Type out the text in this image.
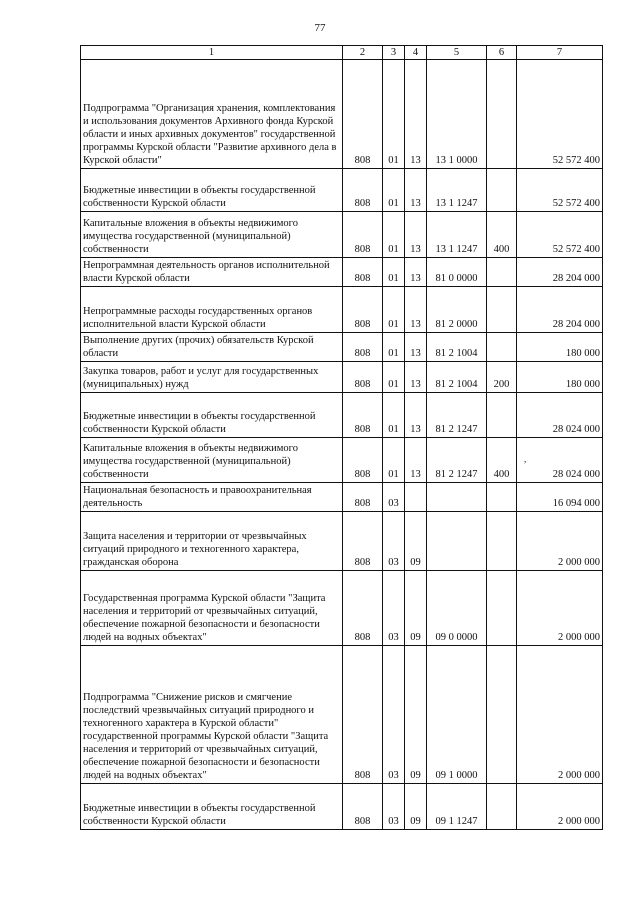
77
1	2	3	4	5	6	7
Подпрограмма "Организация хранения, комплектования и использования документов Архивного фонда Курской области и иных архивных документов" государственной программы Курской области "Развитие архивного дела в Курской области"	808	01	13	13 1 0000		52 572 400
Бюджетные инвестиции в объекты государственной собственности Курской области	808	01	13	13 1 1247		52 572 400
Капитальные вложения в объекты недвижимого имущества государственной (муниципальной) собственности	808	01	13	13 1 1247	400	52 572 400
Непрограммная деятельность органов исполнительной власти Курской области	808	01	13	81 0 0000		28 204 000
Непрограммные расходы государственных органов исполнительной власти Курской области	808	01	13	81 2 0000		28 204 000
Выполнение других (прочих) обязательств Курской области	808	01	13	81 2 1004		180 000
Закупка товаров, работ и услуг для государственных (муниципальных) нужд	808	01	13	81 2 1004	200	180 000
Бюджетные инвестиции в объекты государственной собственности Курской области	808	01	13	81 2 1247		28 024 000
Капитальные вложения в объекты недвижимого имущества государственной (муниципальной) собственности	808	01	13	81 2 1247	400	28 024 000
Национальная безопасность и правоохранительная деятельность	808	03				16 094 000
Защита населения и территории от чрезвычайных ситуаций природного и техногенного характера, гражданская оборона	808	03	09			2 000 000
Государственная программа Курской области "Защита населения и территорий от чрезвычайных ситуаций, обеспечение пожарной безопасности и безопасности людей на водных объектах"	808	03	09	09 0 0000		2 000 000
Подпрограмма "Снижение рисков и смягчение последствий чрезвычайных ситуаций природного и техногенного характера в Курской области" государственной программы Курской области "Защита населения и территорий от чрезвычайных ситуаций, обеспечение пожарной безопасности и безопасности людей на водных объектах"	808	03	09	09 1 0000		2 000 000
Бюджетные инвестиции в объекты государственной собственности Курской области	808	03	09	09 1 1247		2 000 000
,
